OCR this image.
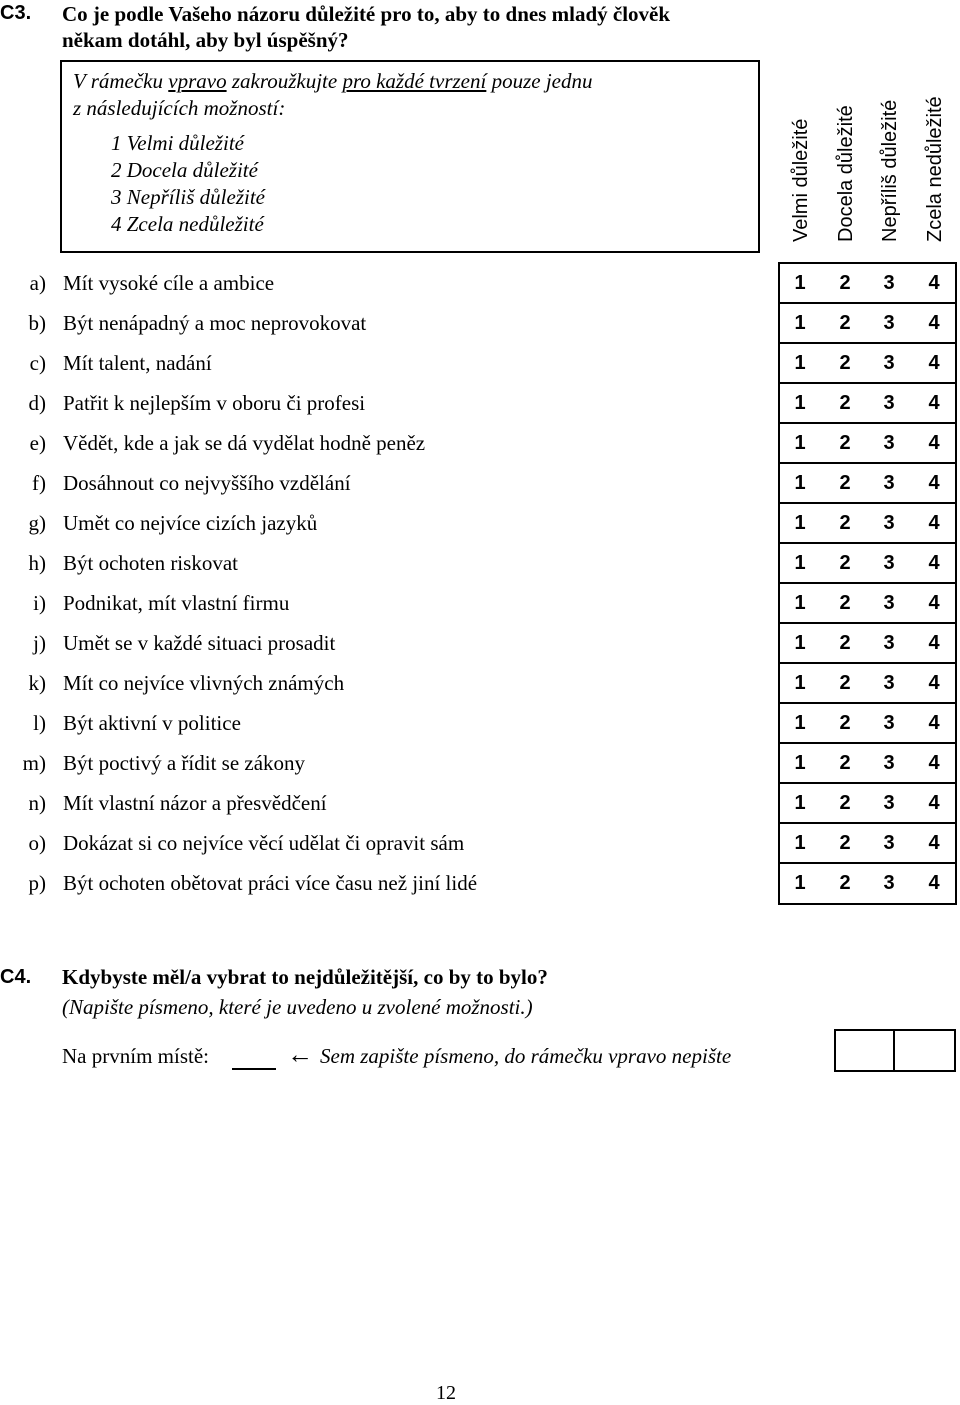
C3. Co je podle Vašeho názoru důležité pro to, aby to dnes mladý člověk
někam dotáhl, aby byl úspěšný?
V rámečku vpravo zakroužkujte pro každé tvrzení pouze jednu
z následujících možností:
1 Velmi důležité
2 Docela důležité
3 Nepříliš důležité
4 Zcela nedůležité	Velmi důležité Docela důležité Nepříliš důležité Zcela nedůležité
a) Mít vysoké cíle a ambice	1	2	3	4
b) Být nenápadný a moc neprovokovat	1	2	3	4
c) Mít talent, nadání	1	2	3	4
d) Patřit k nejlepším v oboru či profesi	1	2	3	4
e) Vědět, kde a jak se dá vydělat hodně peněz	1	2	3	4
f) Dosáhnout co nejvyššího vzdělání	1	2	3	4
g) Umět co nejvíce cizích jazyků	1	2	3	4
h) Být ochoten riskovat	1	2	3	4
i) Podnikat, mít vlastní firmu	1	2	3	4
j) Umět se v každé situaci prosadit	1	2	3	4
k) Mít co nejvíce vlivných známých	1	2	3	4
l) Být aktivní v politice	1	2	3	4
m) Být poctivý a řídit se zákony	1	2	3	4
n) Mít vlastní názor a přesvědčení	1	2	3	4
o) Dokázat si co nejvíce věcí udělat či opravit sám	1	2	3	4
p) Být ochoten obětovat práci více času než jiní lidé	1	2	3	4
C4. Kdybyste měl/a vybrat to nejdůležitější, co by to bylo?
(Napište písmeno, které je uvedeno u zvolené možnosti.)
Na prvním místě:	← Sem zapište písmeno, do rámečku vpravo nepište
12
